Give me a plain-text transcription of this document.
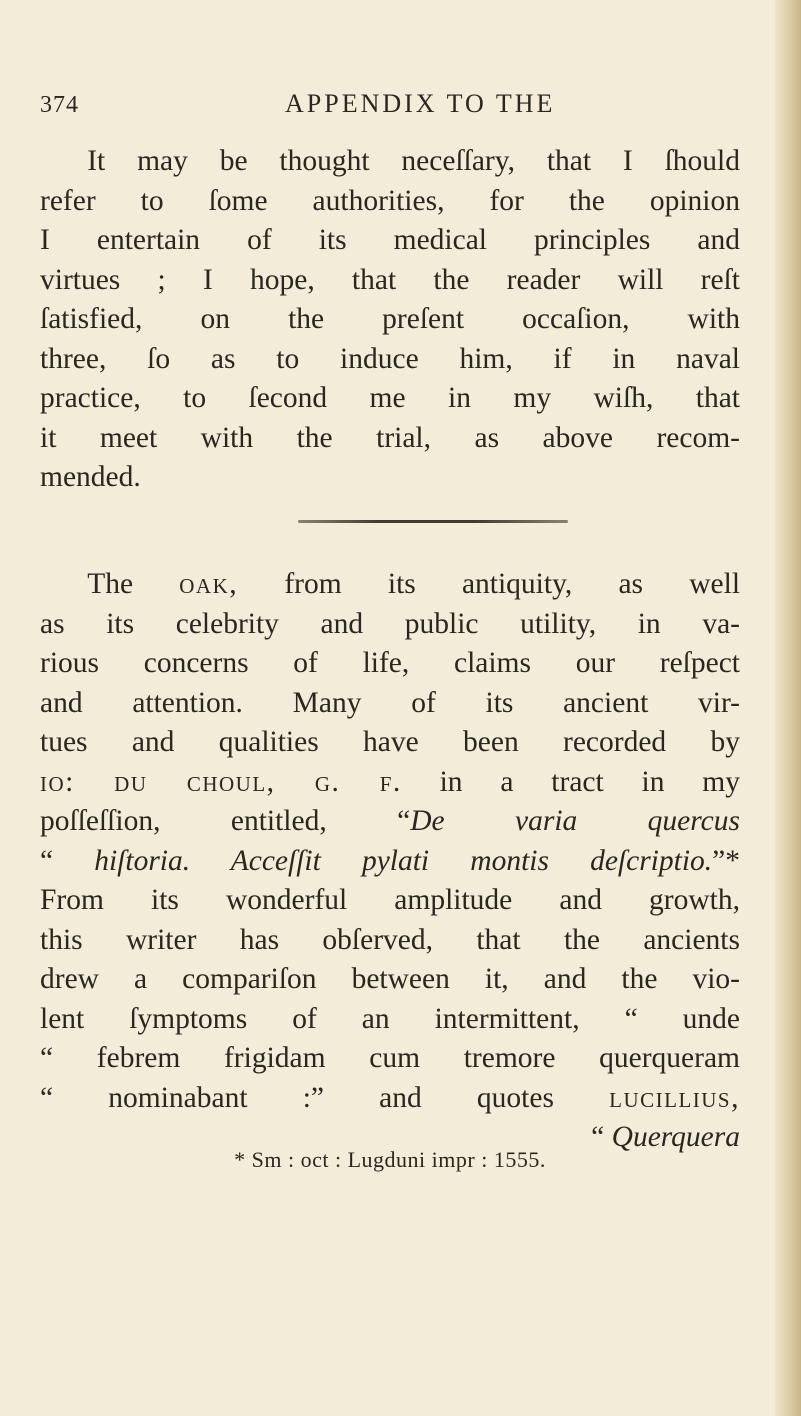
374	APPENDIX TO THE
It may be thought neceſſary, that I ſhould
refer to ſome authorities, for the opinion
I entertain of its medical principles and
virtues ; I hope, that the reader will reſt
ſatisfied, on the preſent occaſion, with
three, ſo as to induce him, if in naval
practice, to ſecond me in my wiſh, that
it meet with the trial, as above recom-
mended.
The oak, from its antiquity, as well
as its celebrity and public utility, in va-
rious concerns of life, claims our reſpect
and attention. Many of its ancient vir-
tues and qualities have been recorded by
io: du choul, g. f. in a tract in my
poſſeſſion, entitled, “De varia quercus
“ hiſtoria. Acceſſit pylati montis deſcriptio.”*
From its wonderful amplitude and growth,
this writer has obſerved, that the ancients
drew a compariſon between it, and the vio-
lent ſymptoms of an intermittent, “ unde
“ febrem frigidam cum tremore querqueram
“ nominabant :” and quotes lucillius,
“ Querquera
* Sm : oct : Lugduni impr : 1555.
